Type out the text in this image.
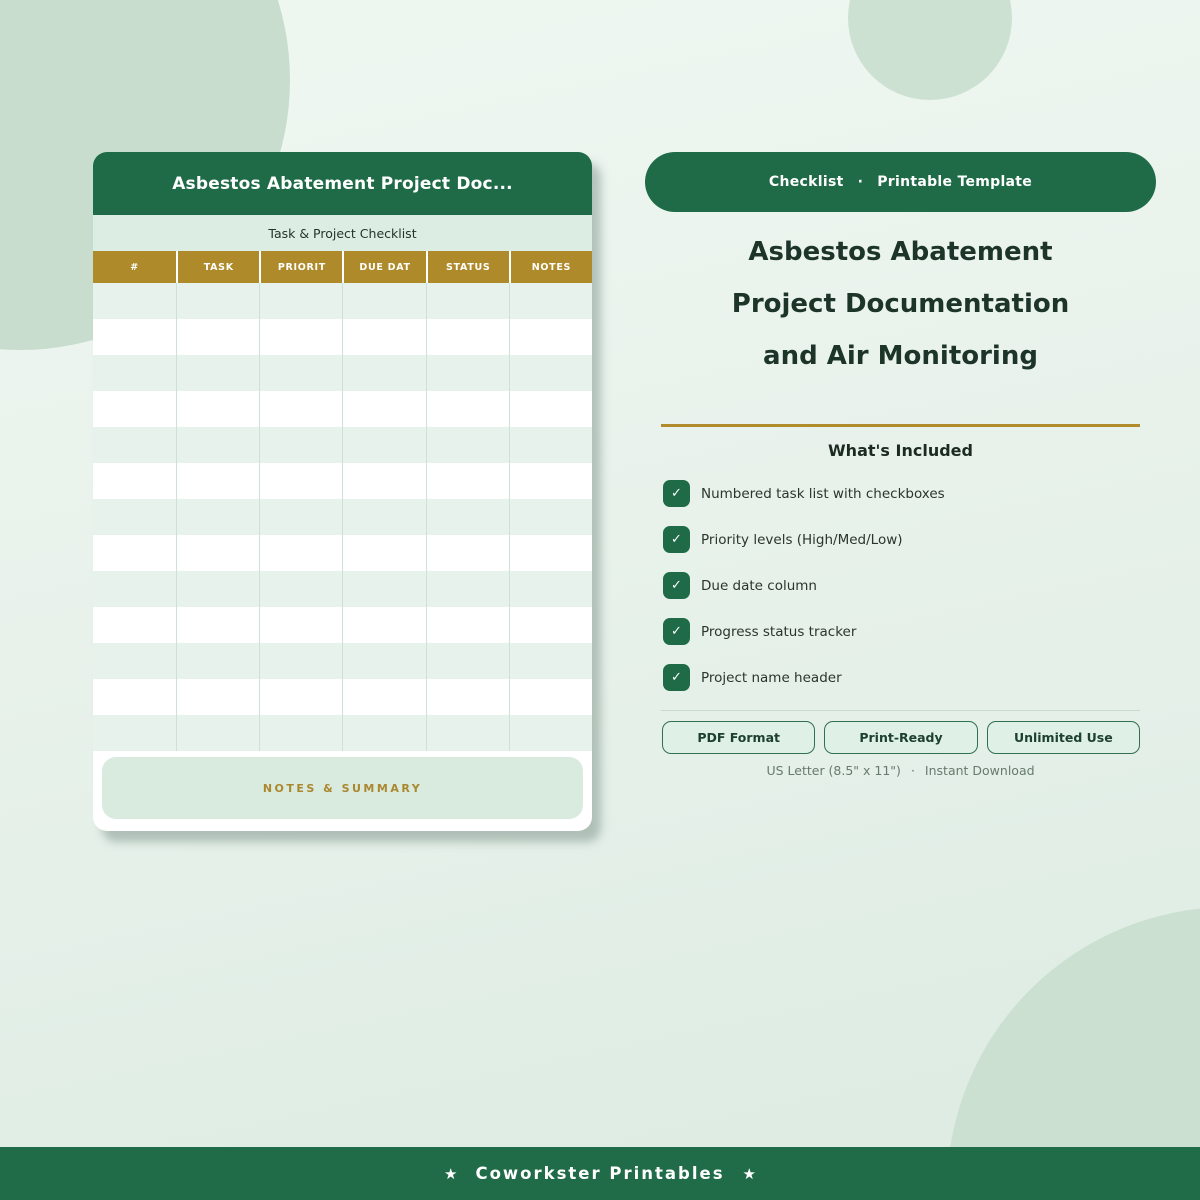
Asbestos Abatement Project Doc...
Task & Project Checklist
#	TASK	PRIORIT	DUE DAT	STATUS	NOTES
NOTES & SUMMARY
Checklist · Printable Template
Asbestos Abatement
Project Documentation
and Air Monitoring
What's Included
✓	Numbered task list with checkboxes
✓	Priority levels (High/Med/Low)
✓	Due date column
✓	Progress status tracker
✓	Project name header
PDF Format	Print-Ready	Unlimited Use
US Letter (8.5" x 11") · Instant Download
★ Coworkster Printables ★
